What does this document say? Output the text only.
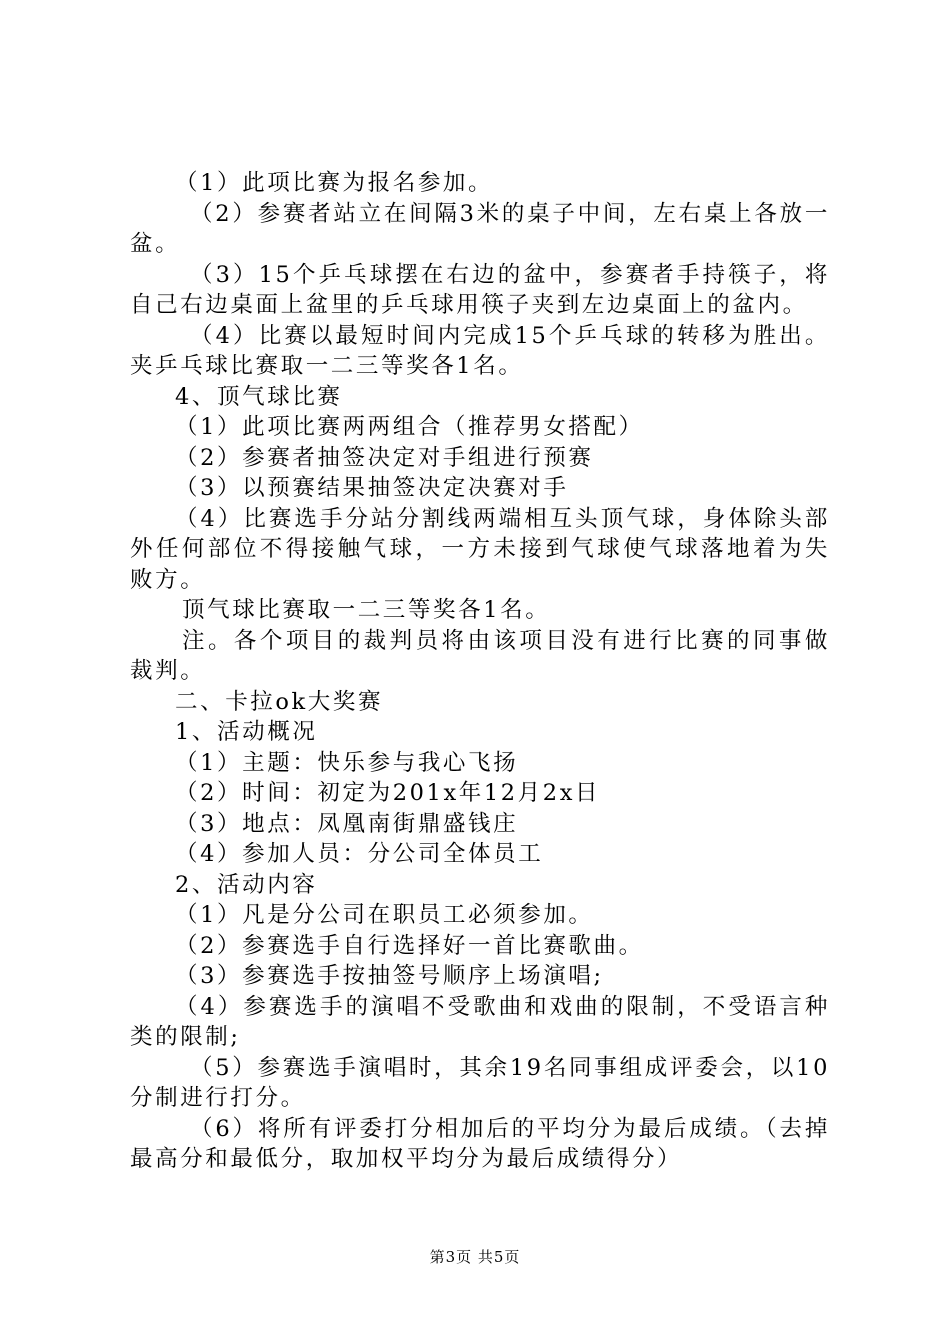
（1）此项比赛为报名参加。

（2）参赛者站立在间隔3米的桌子中间，左右桌上各放一盆。

（3）15个乒乓球摆在右边的盆中，参赛者手持筷子，将自己右边桌面上盆里的乒乓球用筷子夹到左边桌面上的盆内。

（4）比赛以最短时间内完成15个乒乓球的转移为胜出。夹乒乓球比赛取一二三等奖各1名。

4、顶气球比赛

（1）此项比赛两两组合（推荐男女搭配）

（2）参赛者抽签决定对手组进行预赛

（3）以预赛结果抽签决定决赛对手

（4）比赛选手分站分割线两端相互头顶气球，身体除头部外任何部位不得接触气球，一方未接到气球使气球落地着为失败方。

顶气球比赛取一二三等奖各1名。

注。各个项目的裁判员将由该项目没有进行比赛的同事做裁判。

二、卡拉ok大奖赛

1、活动概况

（1）主题：快乐参与我心飞扬

（2）时间：初定为201x年12月2x日

（3）地点：凤凰南街鼎盛钱庄

（4）参加人员：分公司全体员工

2、活动内容

（1）凡是分公司在职员工必须参加。

（2）参赛选手自行选择好一首比赛歌曲。

（3）参赛选手按抽签号顺序上场演唱;

（4）参赛选手的演唱不受歌曲和戏曲的限制，不受语言种类的限制;

（5）参赛选手演唱时，其余19名同事组成评委会，以10分制进行打分。

（6）将所有评委打分相加后的平均分为最后成绩。（去掉最高分和最低分，取加权平均分为最后成绩得分）

第3页 共5页
